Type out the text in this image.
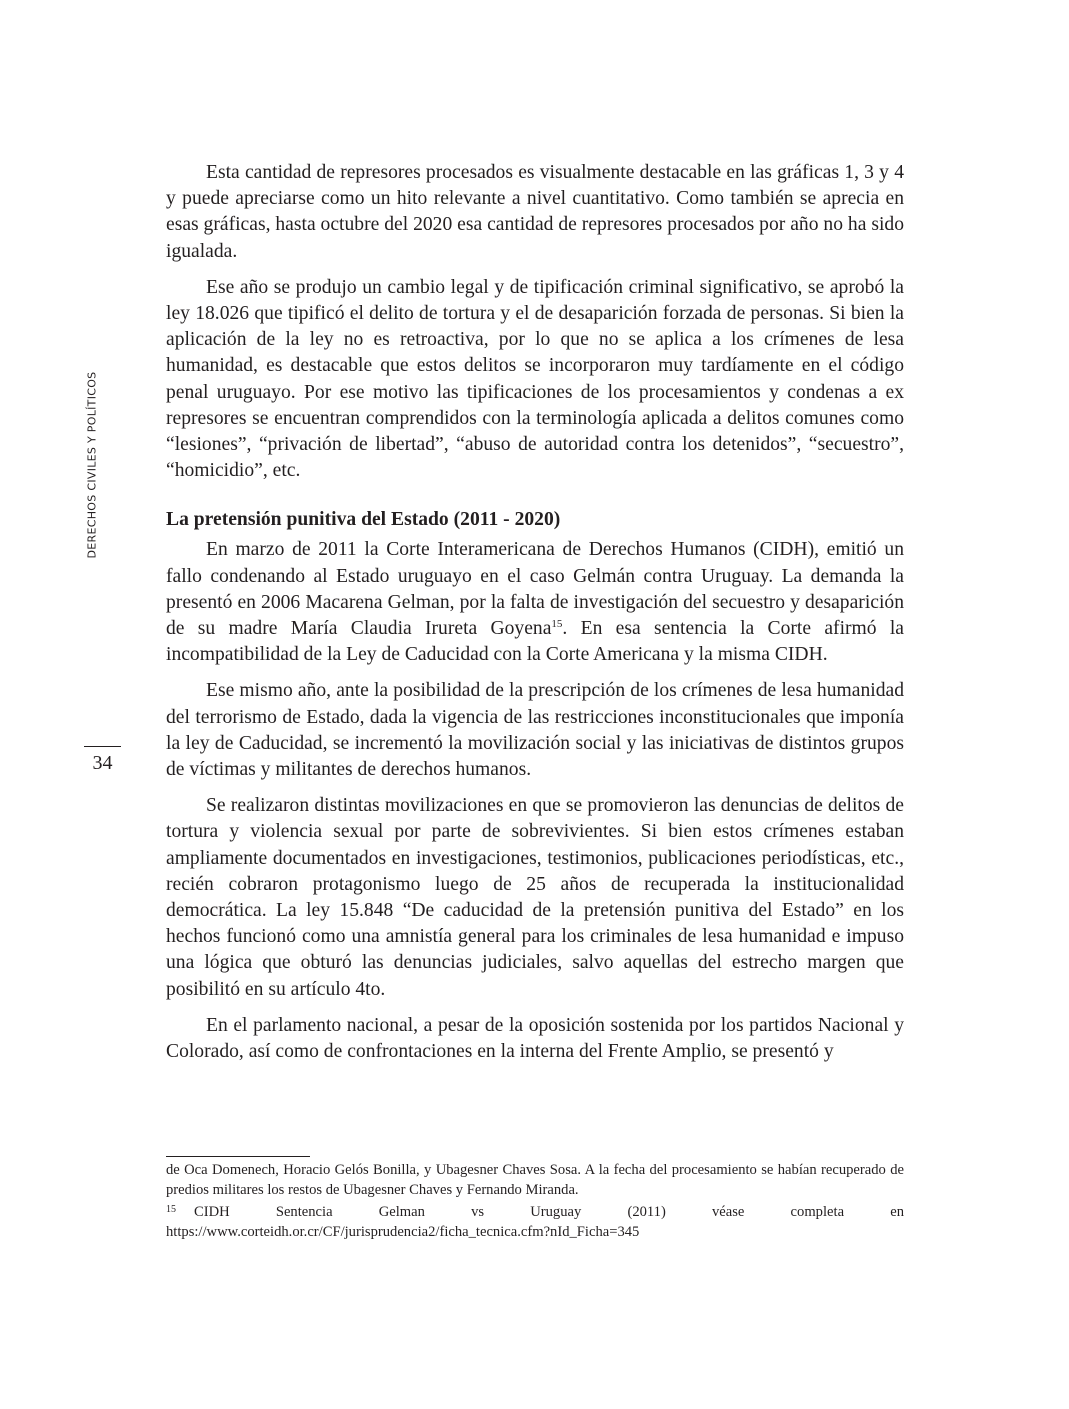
DERECHOS CIVILES Y POLÍTICOS
34

Esta cantidad de represores procesados es visualmente destacable en las gráficas 1, 3 y 4 y puede apreciarse como un hito relevante a nivel cuantitativo. Como también se aprecia en esas gráficas, hasta octubre del 2020 esa cantidad de represores procesados por año no ha sido igualada.

Ese año se produjo un cambio legal y de tipificación criminal significativo, se aprobó la ley 18.026 que tipificó el delito de tortura y el de desaparición forzada de personas. Si bien la aplicación de la ley no es retroactiva, por lo que no se aplica a los crímenes de lesa humanidad, es destacable que estos delitos se incorporaron muy tardíamente en el código penal uruguayo. Por ese motivo las tipificaciones de los procesamientos y condenas a ex represores se encuentran comprendidos con la terminología aplicada a delitos comunes como “lesiones”, “privación de libertad”, “abuso de autoridad contra los detenidos”, “secuestro”, “homicidio”, etc.

La pretensión punitiva del Estado (2011 - 2020)

En marzo de 2011 la Corte Interamericana de Derechos Humanos (CIDH), emitió un fallo condenando al Estado uruguayo en el caso Gelmán contra Uruguay. La demanda la presentó en 2006 Macarena Gelman, por la falta de investigación del secuestro y desaparición de su madre María Claudia Irureta Goyena$^{15}$. En esa sentencia la Corte afirmó la incompatibilidad de la Ley de Caducidad con la Corte Americana y la misma CIDH.

Ese mismo año, ante la posibilidad de la prescripción de los crímenes de lesa humanidad del terrorismo de Estado, dada la vigencia de las restricciones inconstitucionales que imponía la ley de Caducidad, se incrementó la movilización social y las iniciativas de distintos grupos de víctimas y militantes de derechos humanos.

Se realizaron distintas movilizaciones en que se promovieron las denuncias de delitos de tortura y violencia sexual por parte de sobrevivientes. Si bien estos crímenes estaban ampliamente documentados en investigaciones, testimonios, publicaciones periodísticas, etc., recién cobraron protagonismo luego de 25 años de recuperada la institucionalidad democrática. La ley 15.848 “De caducidad de la pretensión punitiva del Estado” en los hechos funcionó como una amnistía general para los criminales de lesa humanidad e impuso una lógica que obturó las denuncias judiciales, salvo aquellas del estrecho margen que posibilitó en su artículo 4to.

En el parlamento nacional, a pesar de la oposición sostenida por los partidos Nacional y Colorado, así como de confrontaciones en la interna del Frente Amplio, se presentó y

de Oca Domenech, Horacio Gelós Bonilla, y Ubagesner Chaves Sosa. A la fecha del procesamiento se habían recuperado de predios militares los restos de Ubagesner Chaves y Fernando Miranda.

15 CIDH Sentencia Gelman vs Uruguay (2011) véase completa en https://www.corteidh.or.cr/CF/jurisprudencia2/ficha_tecnica.cfm?nId_Ficha=345
